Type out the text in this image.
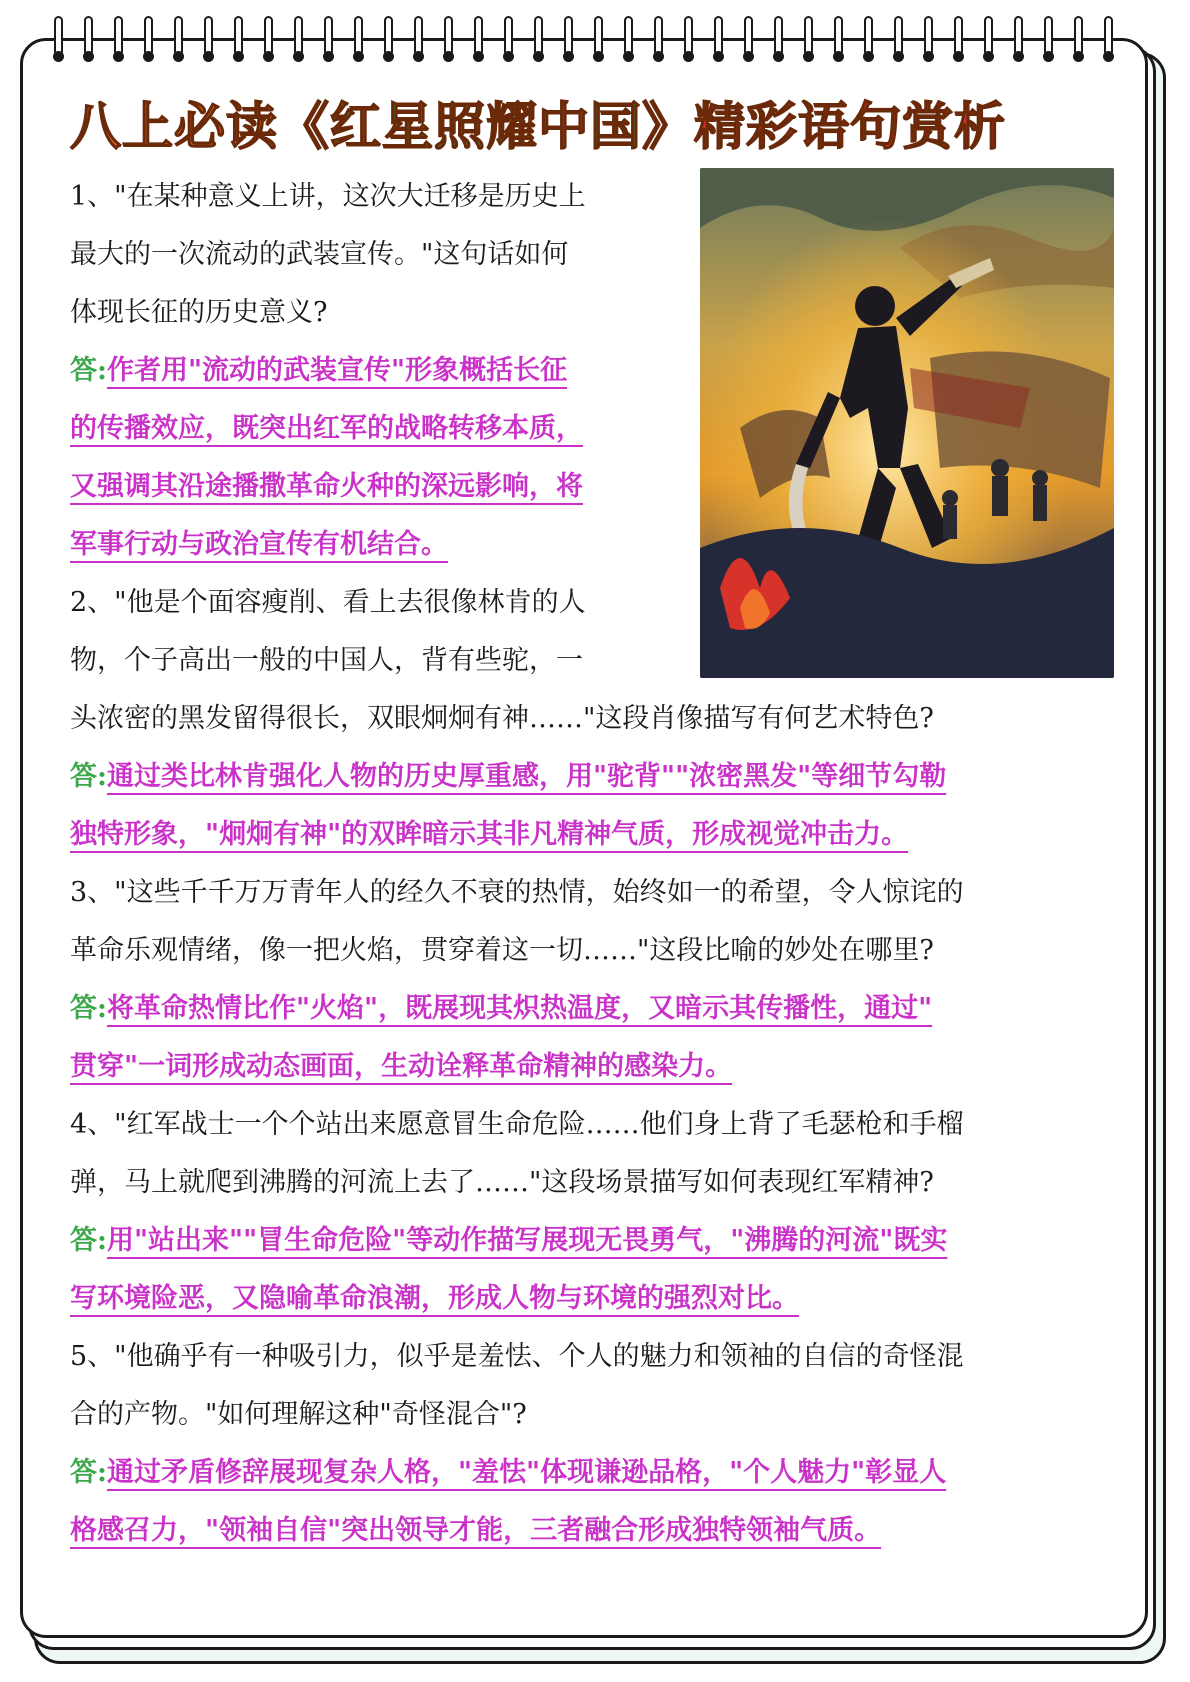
八上必读《红星照耀中国》精彩语句赏析
1、"在某种意义上讲，这次大迁移是历史上
最大的一次流动的武装宣传。"这句话如何
体现长征的历史意义?
答:作者用"流动的武装宣传"形象概括长征
的传播效应，既突出红军的战略转移本质，
又强调其沿途播撒革命火种的深远影响，将
军事行动与政治宣传有机结合。
2、"他是个面容瘦削、看上去很像林肯的人
物，个子高出一般的中国人，背有些驼，一
头浓密的黑发留得很长，双眼炯炯有神……"这段肖像描写有何艺术特色?
答:通过类比林肯强化人物的历史厚重感，用"驼背""浓密黑发"等细节勾勒
独特形象，"炯炯有神"的双眸暗示其非凡精神气质，形成视觉冲击力。
3、"这些千千万万青年人的经久不衰的热情，始终如一的希望，令人惊诧的
革命乐观情绪，像一把火焰，贯穿着这一切……"这段比喻的妙处在哪里?
答:将革命热情比作"火焰"，既展现其炽热温度，又暗示其传播性，通过"
贯穿"一词形成动态画面，生动诠释革命精神的感染力。
4、"红军战士一个个站出来愿意冒生命危险……他们身上背了毛瑟枪和手榴
弹，马上就爬到沸腾的河流上去了……"这段场景描写如何表现红军精神?
答:用"站出来""冒生命危险"等动作描写展现无畏勇气，"沸腾的河流"既实
写环境险恶，又隐喻革命浪潮，形成人物与环境的强烈对比。
5、"他确乎有一种吸引力，似乎是羞怯、个人的魅力和领袖的自信的奇怪混
合的产物。"如何理解这种"奇怪混合"?
答:通过矛盾修辞展现复杂人格，"羞怯"体现谦逊品格，"个人魅力"彰显人
格感召力，"领袖自信"突出领导才能，三者融合形成独特领袖气质。
